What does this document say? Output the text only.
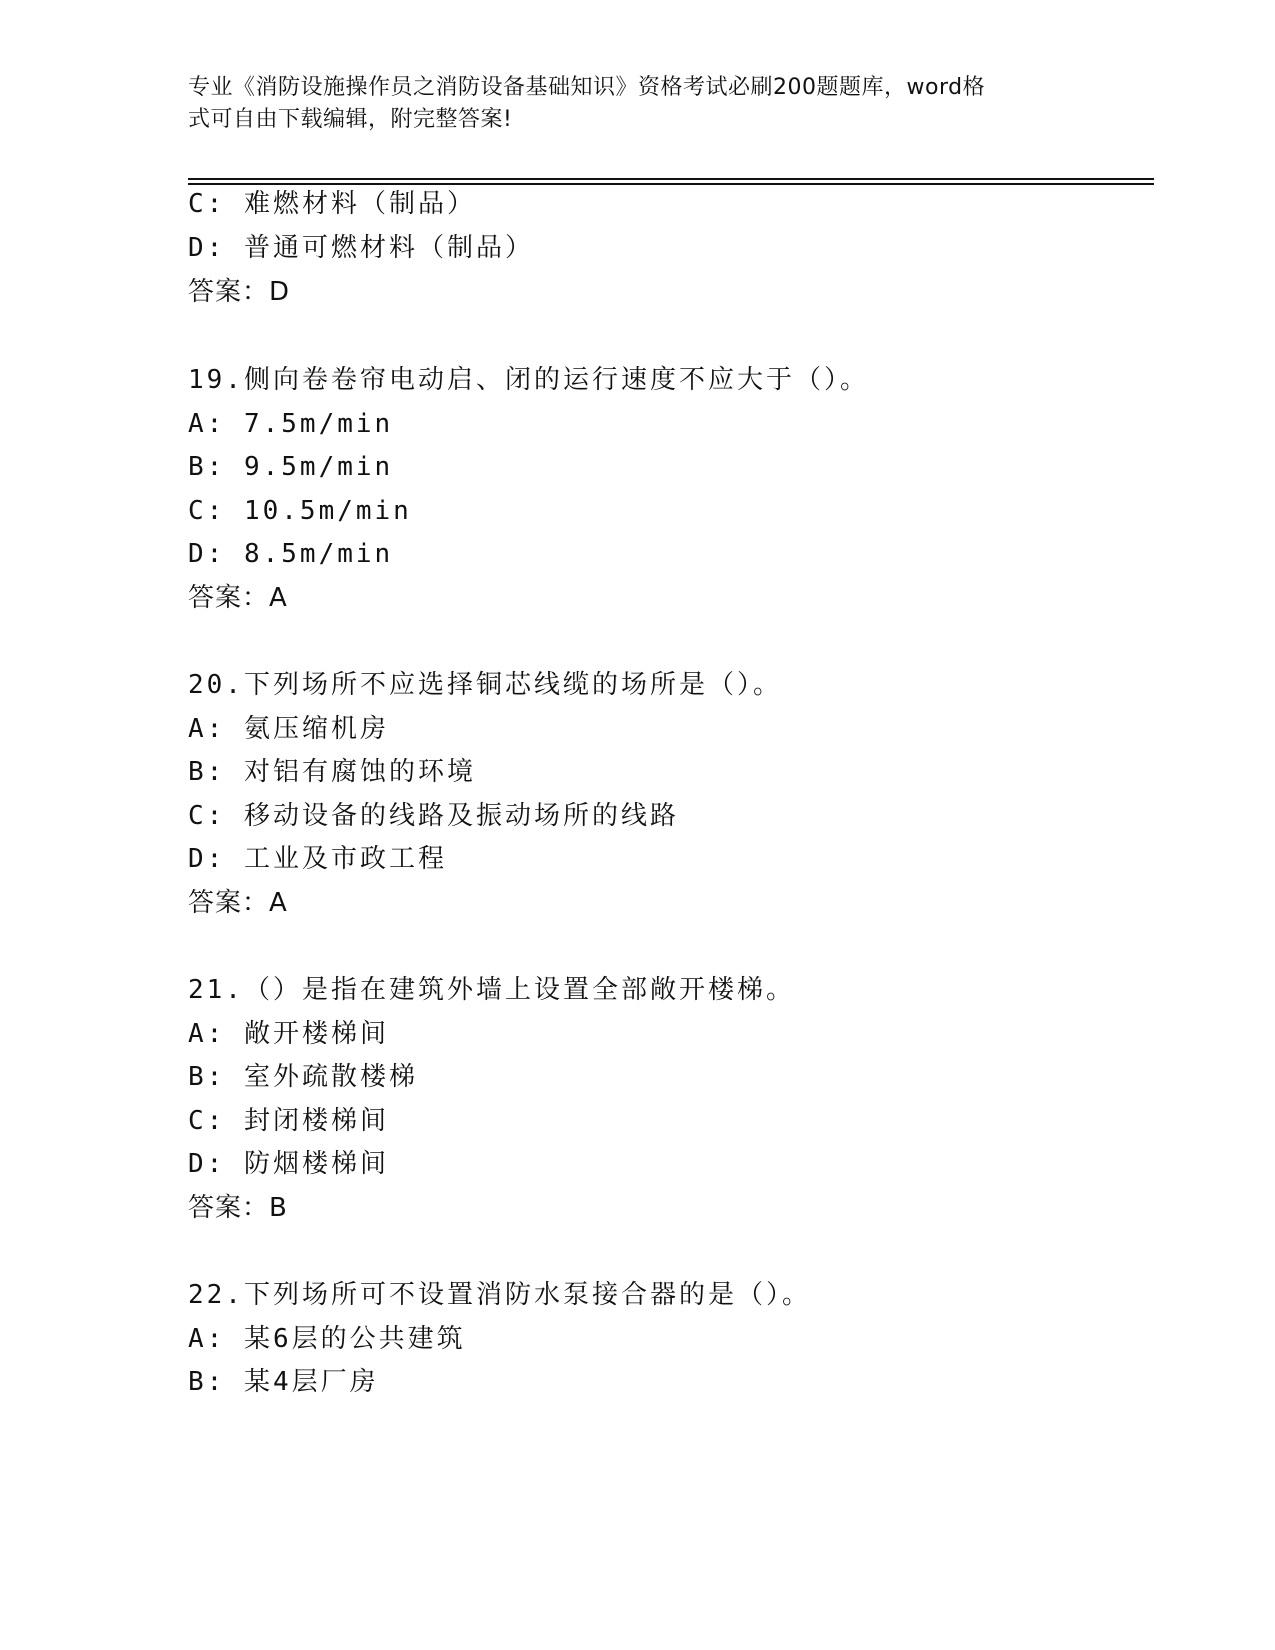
专业《消防设施操作员之消防设备基础知识》资格考试必刷200题题库，word格
式可自由下载编辑，附完整答案!
C: 难燃材料（制品）
D: 普通可燃材料（制品）
答案：D
19.侧向卷卷帘电动启、闭的运行速度不应大于（）。
A: 7.5m/min
B: 9.5m/min
C: 10.5m/min
D: 8.5m/min
答案：A
20.下列场所不应选择铜芯线缆的场所是（）。
A: 氨压缩机房
B: 对铝有腐蚀的环境
C: 移动设备的线路及振动场所的线路
D: 工业及市政工程
答案：A
21.（）是指在建筑外墙上设置全部敞开楼梯。
A: 敞开楼梯间
B: 室外疏散楼梯
C: 封闭楼梯间
D: 防烟楼梯间
答案：B
22.下列场所可不设置消防水泵接合器的是（）。
A: 某6层的公共建筑
B: 某4层厂房
